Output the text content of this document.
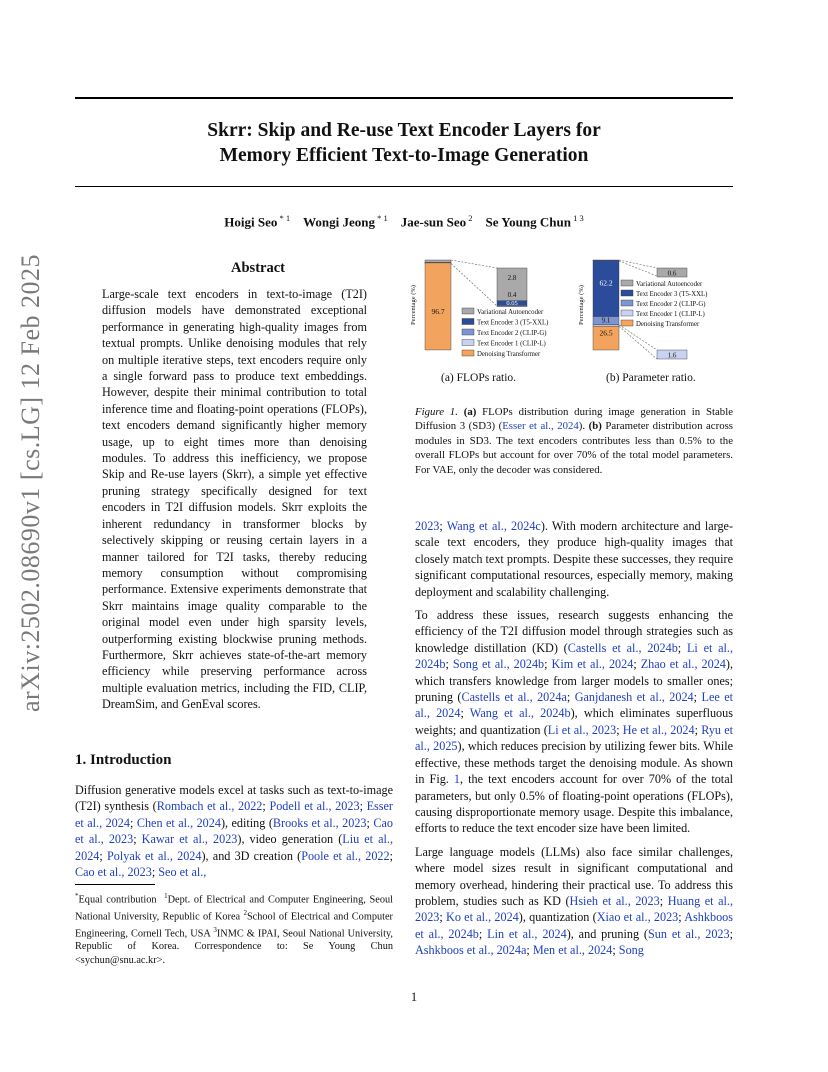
arXiv:2502.08690v1 [cs.LG] 12 Feb 2025
Skrr: Skip and Re-use Text Encoder Layers for
Memory Efficient Text-to-Image Generation
Hoigi Seo $^{* 1}$   Wongi Jeong $^{* 1}$   Jae-sun Seo $^2$   Se Young Chun $^{1 3}$
Abstract

Large-scale text encoders in text-to-image (T2I) diffusion models have demonstrated exceptional performance in generating high-quality images from textual prompts. Unlike denoising modules that rely on multiple iterative steps, text encoders require only a single forward pass to produce text embeddings. However, despite their minimal contribution to total inference time and floating-point operations (FLOPs), text encoders demand significantly higher memory usage, up to eight times more than denoising modules. To address this inefficiency, we propose Skip and Re-use layers (Skrr), a simple yet effective pruning strategy specifically designed for text encoders in T2I diffusion models. Skrr exploits the inherent redundancy in transformer blocks by selectively skipping or reusing certain layers in a manner tailored for T2I tasks, thereby reducing memory consumption without compromising performance. Extensive experiments demonstrate that Skrr maintains image quality comparable to the original model even under high sparsity levels, outperforming existing blockwise pruning methods. Furthermore, Skrr achieves state-of-the-art memory efficiency while preserving performance across multiple evaluation metrics, including the FID, CLIP, DreamSim, and GenEval scores.

1. Introduction

Diffusion generative models excel at tasks such as text-to-image (T2I) synthesis (Rombach et al., 2022; Podell et al., 2023; Esser et al., 2024; Chen et al., 2024), editing (Brooks et al., 2023; Cao et al., 2023; Kawar et al., 2023), video generation (Liu et al., 2024; Polyak et al., 2024), and 3D creation (Poole et al., 2022; Cao et al., 2023; Seo et al.,

*Equal contribution $^1$Dept. of Electrical and Computer Engineering, Seoul National University, Republic of Korea $^2$School of Electrical and Computer Engineering, Cornell Tech, USA $^3$INMC & IPAI, Seoul National University, Republic of Korea. Correspondence to: Se Young Chun <sychun@snu.ac.kr>.
Percentage (%) 96.7
2.8
0.4
0.05
Variational Autoencoder
Text Encoder 3 (T5-XXL)
Text Encoder 2 (CLIP-G)
Text Encoder 1 (CLIP-L)
Denoising Transformer
Percentage (%)
62.2
9.1
26.5
0.6
1.6
Variational Autoencoder
Text Encoder 3 (T5-XXL)
Text Encoder 2 (CLIP-G)
Text Encoder 1 (CLIP-L)
Denoising Transformer
(a) FLOPs ratio.	(b) Parameter ratio.

Figure 1. (a) FLOPs distribution during image generation in Stable Diffusion 3 (SD3) (Esser et al., 2024). (b) Parameter distribution across modules in SD3. The text encoders contributes less than 0.5% to the overall FLOPs but account for over 70% of the total model parameters. For VAE, only the decoder was considered.

2023; Wang et al., 2024c). With modern architecture and large-scale text encoders, they produce high-quality images that closely match text prompts. Despite these successes, they require significant computational resources, especially memory, making deployment and scalability challenging.

To address these issues, research suggests enhancing the efficiency of the T2I diffusion model through strategies such as knowledge distillation (KD) (Castells et al., 2024b; Li et al., 2024b; Song et al., 2024b; Kim et al., 2024; Zhao et al., 2024), which transfers knowledge from larger models to smaller ones; pruning (Castells et al., 2024a; Ganjdanesh et al., 2024; Lee et al., 2024; Wang et al., 2024b), which eliminates superfluous weights; and quantization (Li et al., 2023; He et al., 2024; Ryu et al., 2025), which reduces precision by utilizing fewer bits. While effective, these methods target the denoising module. As shown in Fig. 1, the text encoders account for over 70% of the total parameters, but only 0.5% of floating-point operations (FLOPs), causing disproportionate memory usage. Despite this imbalance, efforts to reduce the text encoder size have been limited.

Large language models (LLMs) also face similar challenges, where model sizes result in significant computational and memory overhead, hindering their practical use. To address this problem, studies such as KD (Hsieh et al., 2023; Huang et al., 2023; Ko et al., 2024), quantization (Xiao et al., 2023; Ashkboos et al., 2024b; Lin et al., 2024), and pruning (Sun et al., 2023; Ashkboos et al., 2024a; Men et al., 2024; Song

1
